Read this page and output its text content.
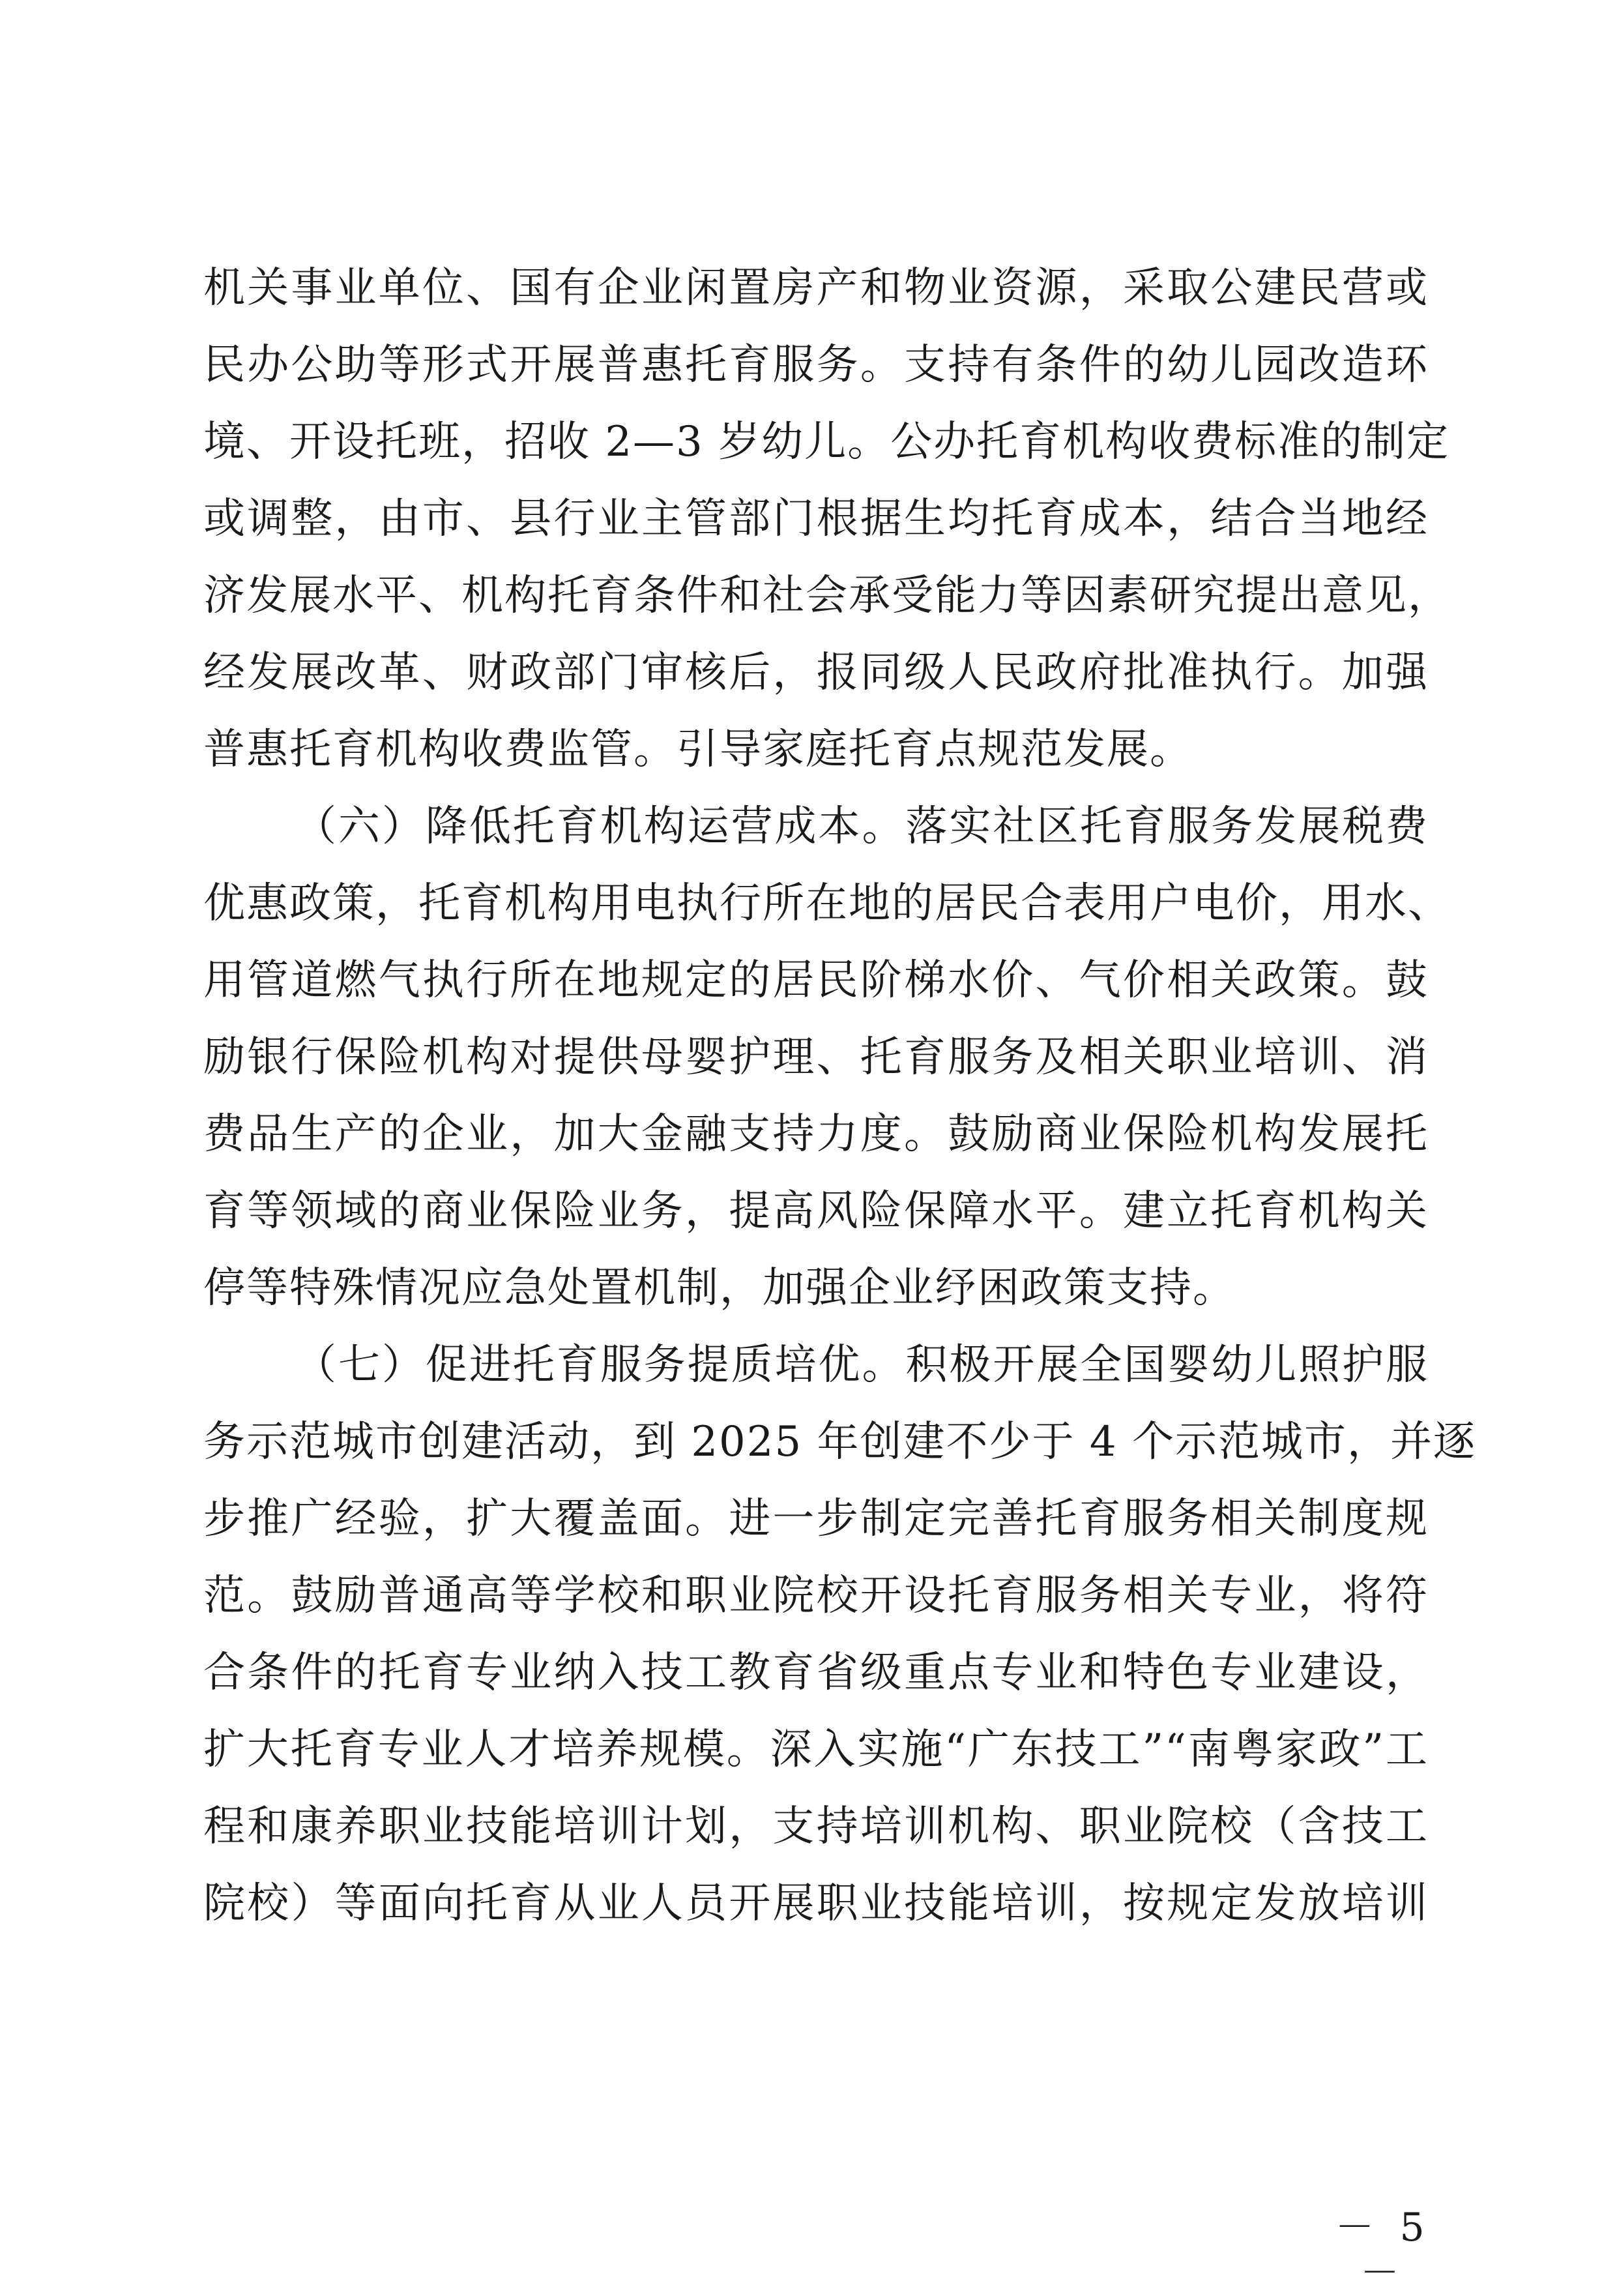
机关事业单位、国有企业闲置房产和物业资源，采取公建民营或
民办公助等形式开展普惠托育服务。支持有条件的幼儿园改造环
境、开设托班，招收 2—3 岁幼儿。公办托育机构收费标准的制定
或调整，由市、县行业主管部门根据生均托育成本，结合当地经
济发展水平、机构托育条件和社会承受能力等因素研究提出意见，
经发展改革、财政部门审核后，报同级人民政府批准执行。加强
普惠托育机构收费监管。引导家庭托育点规范发展。
（六）降低托育机构运营成本。落实社区托育服务发展税费
优惠政策，托育机构用电执行所在地的居民合表用户电价，用水、
用管道燃气执行所在地规定的居民阶梯水价、气价相关政策。鼓
励银行保险机构对提供母婴护理、托育服务及相关职业培训、消
费品生产的企业，加大金融支持力度。鼓励商业保险机构发展托
育等领域的商业保险业务，提高风险保障水平。建立托育机构关
停等特殊情况应急处置机制，加强企业纾困政策支持。
（七）促进托育服务提质培优。积极开展全国婴幼儿照护服
务示范城市创建活动，到 2025 年创建不少于 4 个示范城市，并逐
步推广经验，扩大覆盖面。进一步制定完善托育服务相关制度规
范。鼓励普通高等学校和职业院校开设托育服务相关专业，将符
合条件的托育专业纳入技工教育省级重点专业和特色专业建设，
扩大托育专业人才培养规模。深入实施“广东技工”“南粤家政”工
程和康养职业技能培训计划，支持培训机构、职业院校（含技工
院校）等面向托育从业人员开展职业技能培训，按规定发放培训
－ 5 －
